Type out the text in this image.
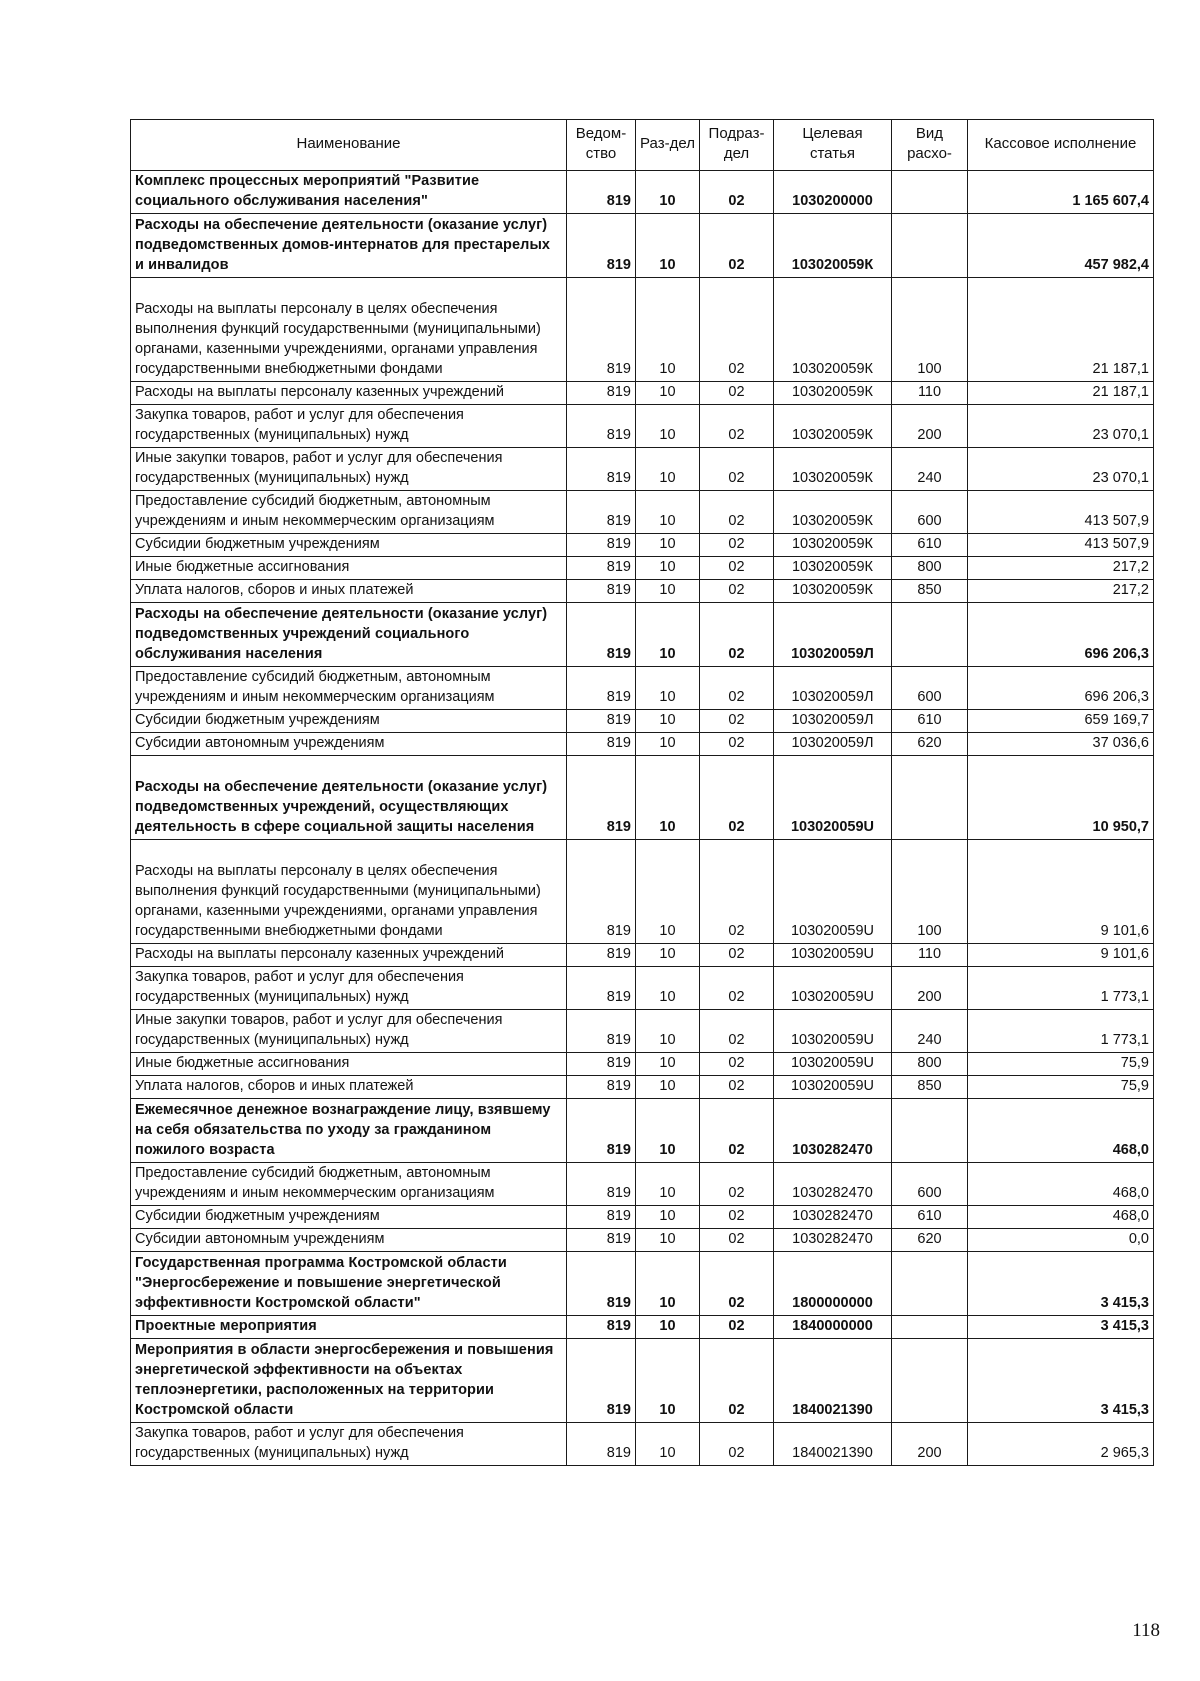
Наименование	Ведом-ство	Раз-дел	Подраз-дел	Целевая статья	Вид расхо-	Кассовое исполнение
Комплекс процессных мероприятий "Развитие социального обслуживания населения"	819	10	02	1030200000		1 165 607,4
Расходы на обеспечение деятельности (оказание услуг) подведомственных домов-интернатов для престарелых и инвалидов	819	10	02	103020059К		457 982,4
Расходы на выплаты персоналу в целях обеспечения выполнения функций государственными (муниципальными) органами, казенными учреждениями, органами управления государственными внебюджетными фондами	819	10	02	103020059К	100	21 187,1
Расходы на выплаты персоналу казенных учреждений	819	10	02	103020059К	110	21 187,1
Закупка товаров, работ и услуг для обеспечения государственных (муниципальных) нужд	819	10	02	103020059К	200	23 070,1
Иные закупки товаров, работ и услуг для обеспечения государственных (муниципальных) нужд	819	10	02	103020059К	240	23 070,1
Предоставление субсидий бюджетным, автономным учреждениям и иным некоммерческим организациям	819	10	02	103020059К	600	413 507,9
Субсидии бюджетным учреждениям	819	10	02	103020059К	610	413 507,9
Иные бюджетные ассигнования	819	10	02	103020059К	800	217,2
Уплата налогов, сборов и иных платежей	819	10	02	103020059К	850	217,2
Расходы на обеспечение деятельности (оказание услуг) подведомственных учреждений социального обслуживания населения	819	10	02	103020059Л		696 206,3
Предоставление субсидий бюджетным, автономным учреждениям и иным некоммерческим организациям	819	10	02	103020059Л	600	696 206,3
Субсидии бюджетным учреждениям	819	10	02	103020059Л	610	659 169,7
Субсидии автономным учреждениям	819	10	02	103020059Л	620	37 036,6
Расходы на обеспечение деятельности (оказание услуг) подведомственных учреждений, осуществляющих деятельность в сфере социальной защиты населения	819	10	02	103020059U		10 950,7
Расходы на выплаты персоналу в целях обеспечения выполнения функций государственными (муниципальными) органами, казенными учреждениями, органами управления государственными внебюджетными фондами	819	10	02	103020059U	100	9 101,6
Расходы на выплаты персоналу казенных учреждений	819	10	02	103020059U	110	9 101,6
Закупка товаров, работ и услуг для обеспечения государственных (муниципальных) нужд	819	10	02	103020059U	200	1 773,1
Иные закупки товаров, работ и услуг для обеспечения государственных (муниципальных) нужд	819	10	02	103020059U	240	1 773,1
Иные бюджетные ассигнования	819	10	02	103020059U	800	75,9
Уплата налогов, сборов и иных платежей	819	10	02	103020059U	850	75,9
Ежемесячное денежное вознаграждение лицу, взявшему на себя обязательства по уходу за гражданином пожилого возраста	819	10	02	1030282470		468,0
Предоставление субсидий бюджетным, автономным учреждениям и иным некоммерческим организациям	819	10	02	1030282470	600	468,0
Субсидии бюджетным учреждениям	819	10	02	1030282470	610	468,0
Субсидии автономным учреждениям	819	10	02	1030282470	620	0,0
Государственная программа Костромской области "Энергосбережение и повышение энергетической эффективности Костромской области"	819	10	02	1800000000		3 415,3
Проектные мероприятия	819	10	02	1840000000		3 415,3
Мероприятия в области энергосбережения и повышения энергетической эффективности на объектах теплоэнергетики, расположенных на территории Костромской области	819	10	02	1840021390		3 415,3
Закупка товаров, работ и услуг для обеспечения государственных (муниципальных) нужд	819	10	02	1840021390	200	2 965,3
118
